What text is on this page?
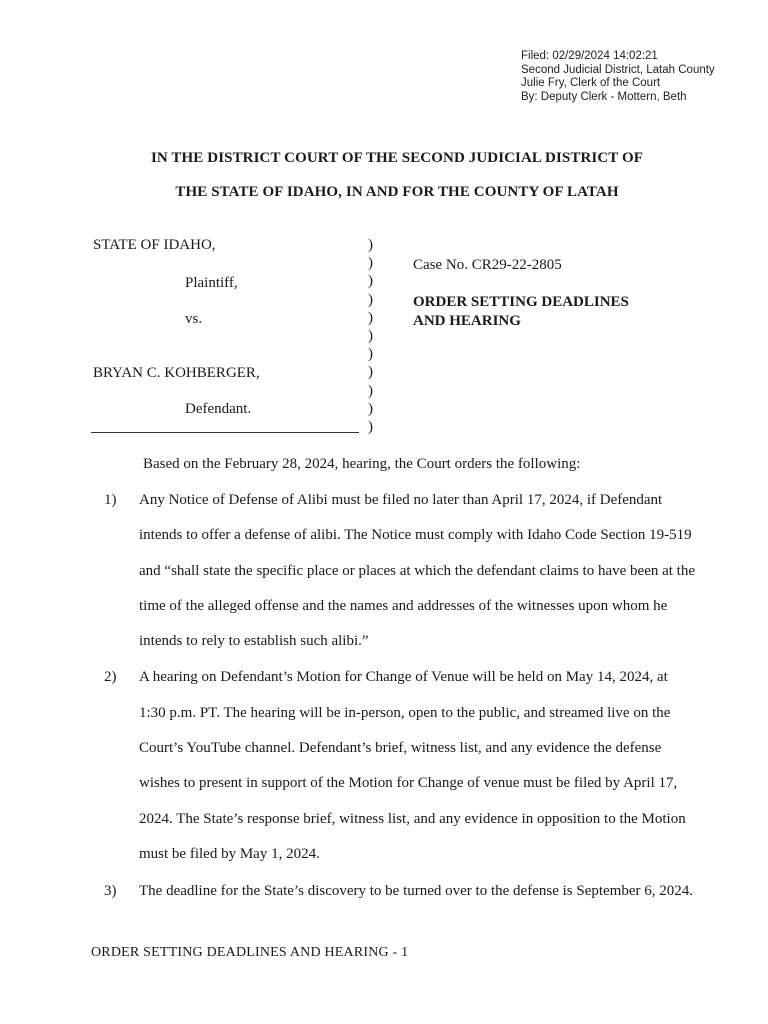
Filed: 02/29/2024 14:02:21
Second Judicial District, Latah County
Julie Fry, Clerk of the Court
By: Deputy Clerk - Mottern, Beth
IN THE DISTRICT COURT OF THE SECOND JUDICIAL DISTRICT OF
THE STATE OF IDAHO, IN AND FOR THE COUNTY OF LATAH
STATE OF IDAHO,
Plaintiff,
vs.
BRYAN C. KOHBERGER,
Defendant.
)
)
)
)
)
)
)
)
)
)
)
Case No. CR29-22-2805
ORDER SETTING DEADLINES
AND HEARING
Based on the February 28, 2024, hearing, the Court orders the following:
1) Any Notice of Defense of Alibi must be filed no later than April 17, 2024, if Defendant
intends to offer a defense of alibi. The Notice must comply with Idaho Code Section 19-519
and “shall state the specific place or places at which the defendant claims to have been at the
time of the alleged offense and the names and addresses of the witnesses upon whom he
intends to rely to establish such alibi.”
2) A hearing on Defendant’s Motion for Change of Venue will be held on May 14, 2024, at
1:30 p.m. PT. The hearing will be in-person, open to the public, and streamed live on the
Court’s YouTube channel. Defendant’s brief, witness list, and any evidence the defense
wishes to present in support of the Motion for Change of venue must be filed by April 17,
2024. The State’s response brief, witness list, and any evidence in opposition to the Motion
must be filed by May 1, 2024.
3) The deadline for the State’s discovery to be turned over to the defense is September 6, 2024.
ORDER SETTING DEADLINES AND HEARING - 1
